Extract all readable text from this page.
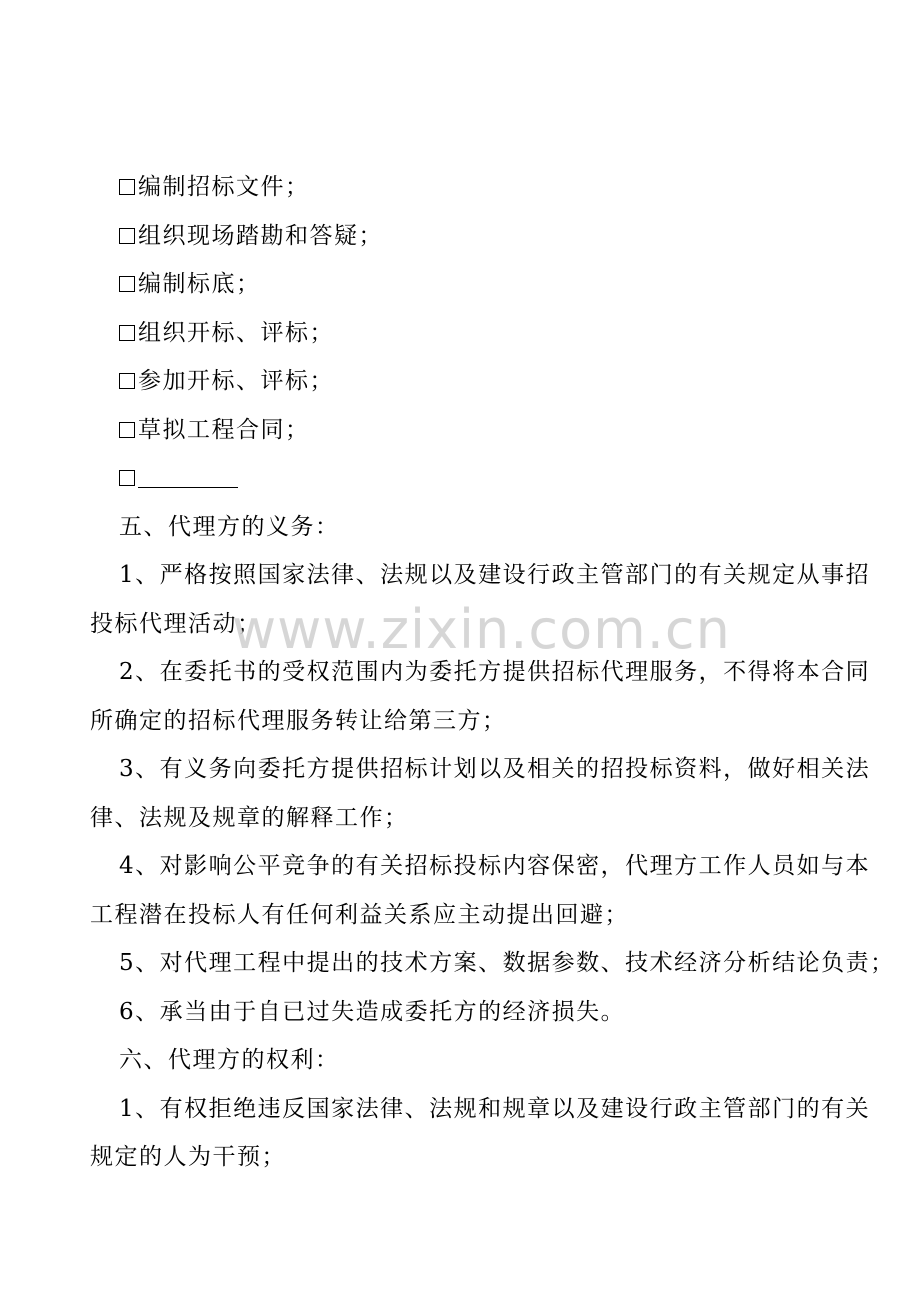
编制招标文件；
组织现场踏勘和答疑；
编制标底；
组织开标、评标；
参加开标、评标；
草拟工程合同；
五、代理方的义务：
1、严格按照国家法律、法规以及建设行政主管部门的有关规定从事招
投标代理活动；
2、在委托书的受权范围内为委托方提供招标代理服务，不得将本合同
所确定的招标代理服务转让给第三方；
3、有义务向委托方提供招标计划以及相关的招投标资料，做好相关法
律、法规及规章的解释工作；
4、对影响公平竞争的有关招标投标内容保密，代理方工作人员如与本
工程潜在投标人有任何利益关系应主动提出回避；
5、对代理工程中提出的技术方案、数据参数、技术经济分析结论负责；
6、承当由于自已过失造成委托方的经济损失。
六、代理方的权利：
1、有权拒绝违反国家法律、法规和规章以及建设行政主管部门的有关
规定的人为干预；
www.zixin.com.cn
